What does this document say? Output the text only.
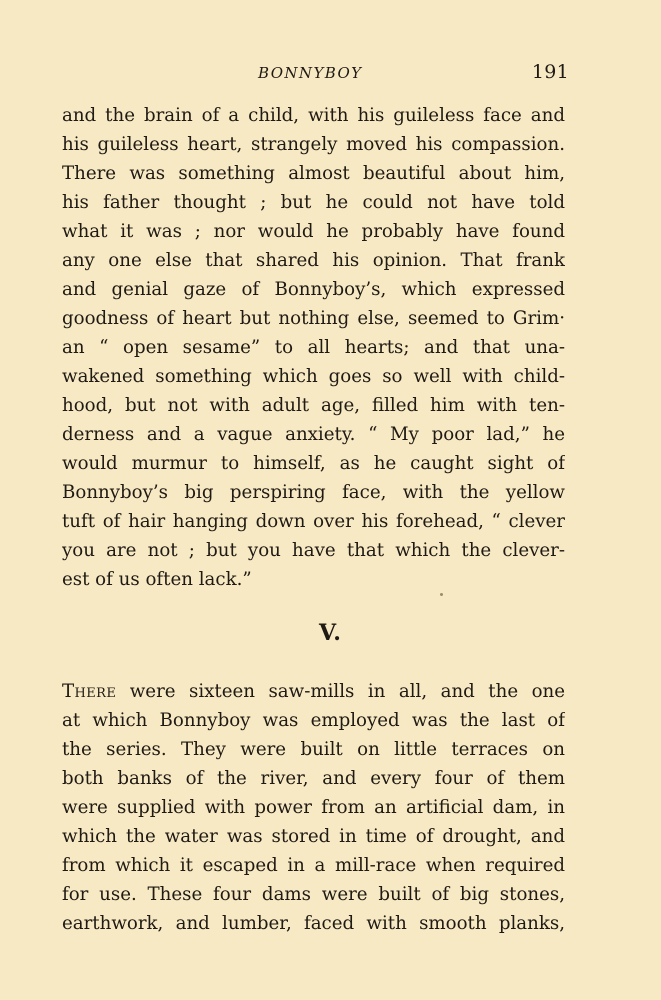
BONNYBOY	191
and the brain of a child, with his guileless face and
his guileless heart, strangely moved his compassion.
There was something almost beautiful about him,
his father thought ; but he could not have told
what it was ; nor would he probably have found
any one else that shared his opinion. That frank
and genial gaze of Bonnyboy’s, which expressed
goodness of heart but nothing else, seemed to Grim·
an “ open sesame” to all hearts; and that una-
wakened something which goes so well with child-
hood, but not with adult age, filled him with ten-
derness and a vague anxiety. “ My poor lad,” he
would murmur to himself, as he caught sight of
Bonnyboy’s big perspiring face, with the yellow
tuft of hair hanging down over his forehead, “ clever
you are not ; but you have that which the clever-
est of us often lack.”
V.
There were sixteen saw-mills in all, and the one
at which Bonnyboy was employed was the last of
the series. They were built on little terraces on
both banks of the river, and every four of them
were supplied with power from an artificial dam, in
which the water was stored in time of drought, and
from which it escaped in a mill-race when required
for use. These four dams were built of big stones,
earthwork, and lumber, faced with smooth planks,
